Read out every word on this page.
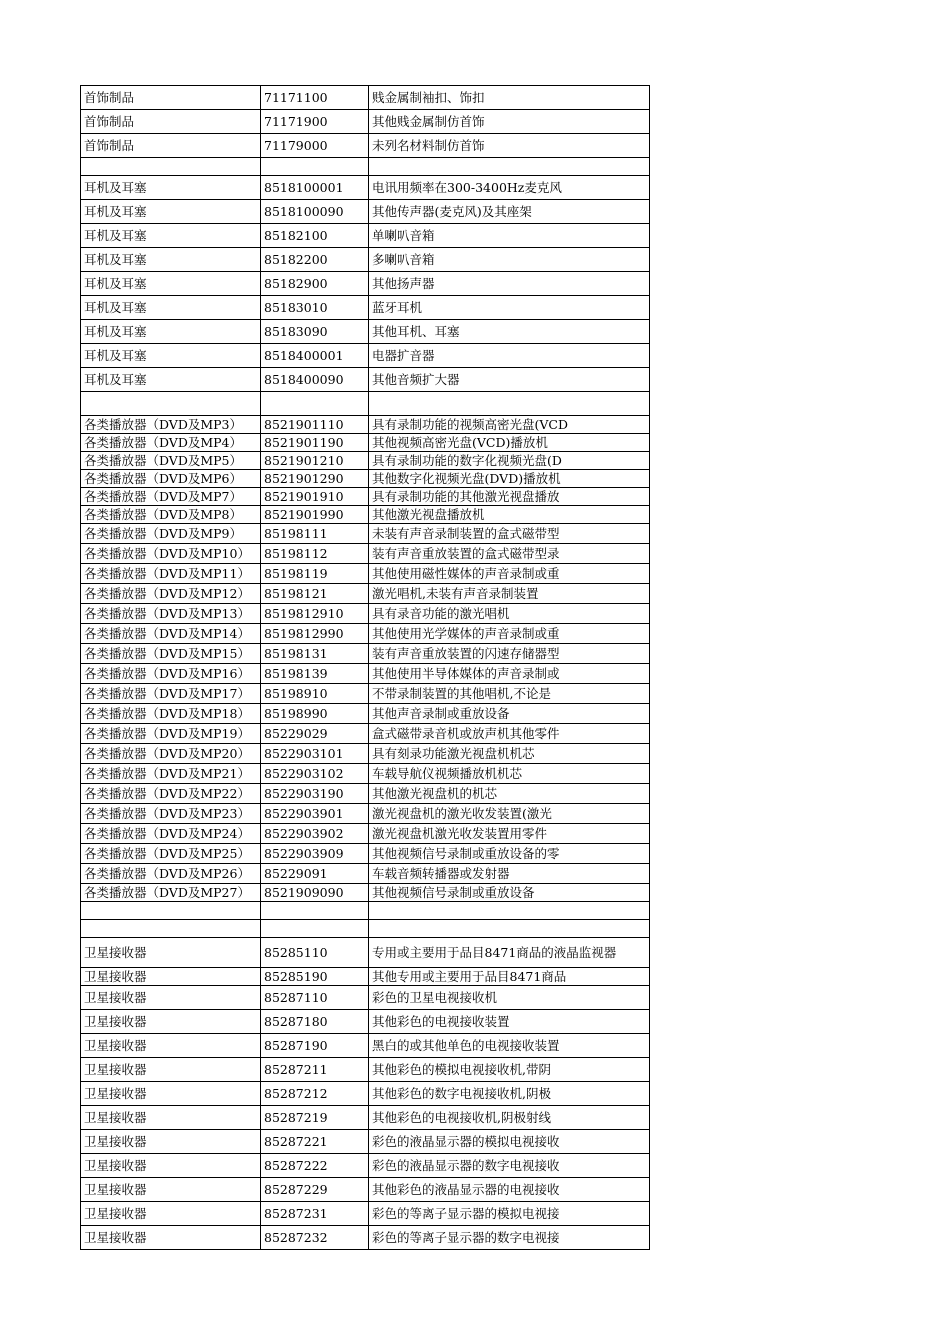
首饰制品	71171100	贱金属制袖扣、饰扣
首饰制品	71171900	其他贱金属制仿首饰
首饰制品	71179000	未列名材料制仿首饰

耳机及耳塞	8518100001	电讯用频率在300-3400Hz麦克风
耳机及耳塞	8518100090	其他传声器(麦克风)及其座架
耳机及耳塞	85182100	单喇叭音箱
耳机及耳塞	85182200	多喇叭音箱
耳机及耳塞	85182900	其他扬声器
耳机及耳塞	85183010	蓝牙耳机
耳机及耳塞	85183090	其他耳机、耳塞
耳机及耳塞	8518400001	电器扩音器
耳机及耳塞	8518400090	其他音频扩大器

各类播放器（DVD及MP3）	8521901110	具有录制功能的视频高密光盘(VCD
各类播放器（DVD及MP4）	8521901190	其他视频高密光盘(VCD)播放机
各类播放器（DVD及MP5）	8521901210	具有录制功能的数字化视频光盘(D
各类播放器（DVD及MP6）	8521901290	其他数字化视频光盘(DVD)播放机
各类播放器（DVD及MP7）	8521901910	具有录制功能的其他激光视盘播放
各类播放器（DVD及MP8）	8521901990	其他激光视盘播放机
各类播放器（DVD及MP9）	85198111	未装有声音录制装置的盒式磁带型
各类播放器（DVD及MP10）	85198112	装有声音重放装置的盒式磁带型录
各类播放器（DVD及MP11）	85198119	其他使用磁性媒体的声音录制或重
各类播放器（DVD及MP12）	85198121	激光唱机,未装有声音录制装置
各类播放器（DVD及MP13）	8519812910	具有录音功能的激光唱机
各类播放器（DVD及MP14）	8519812990	其他使用光学媒体的声音录制或重
各类播放器（DVD及MP15）	85198131	装有声音重放装置的闪速存储器型
各类播放器（DVD及MP16）	85198139	其他使用半导体媒体的声音录制或
各类播放器（DVD及MP17）	85198910	不带录制装置的其他唱机,不论是
各类播放器（DVD及MP18）	85198990	其他声音录制或重放设备
各类播放器（DVD及MP19）	85229029	盒式磁带录音机或放声机其他零件
各类播放器（DVD及MP20）	8522903101	具有刻录功能激光视盘机机芯
各类播放器（DVD及MP21）	8522903102	车载导航仪视频播放机机芯
各类播放器（DVD及MP22）	8522903190	其他激光视盘机的机芯
各类播放器（DVD及MP23）	8522903901	激光视盘机的激光收发装置(激光
各类播放器（DVD及MP24）	8522903902	激光视盘机激光收发装置用零件
各类播放器（DVD及MP25）	8522903909	其他视频信号录制或重放设备的零
各类播放器（DVD及MP26）	85229091	车载音频转播器或发射器
各类播放器（DVD及MP27）	8521909090	其他视频信号录制或重放设备

卫星接收器	85285110	专用或主要用于品目8471商品的液晶监视器
卫星接收器	85285190	其他专用或主要用于品目8471商品
卫星接收器	85287110	彩色的卫星电视接收机
卫星接收器	85287180	其他彩色的电视接收装置
卫星接收器	85287190	黑白的或其他单色的电视接收装置
卫星接收器	85287211	其他彩色的模拟电视接收机,带阴
卫星接收器	85287212	其他彩色的数字电视接收机,阴极
卫星接收器	85287219	其他彩色的电视接收机,阴极射线
卫星接收器	85287221	彩色的液晶显示器的模拟电视接收
卫星接收器	85287222	彩色的液晶显示器的数字电视接收
卫星接收器	85287229	其他彩色的液晶显示器的电视接收
卫星接收器	85287231	彩色的等离子显示器的模拟电视接
卫星接收器	85287232	彩色的等离子显示器的数字电视接
